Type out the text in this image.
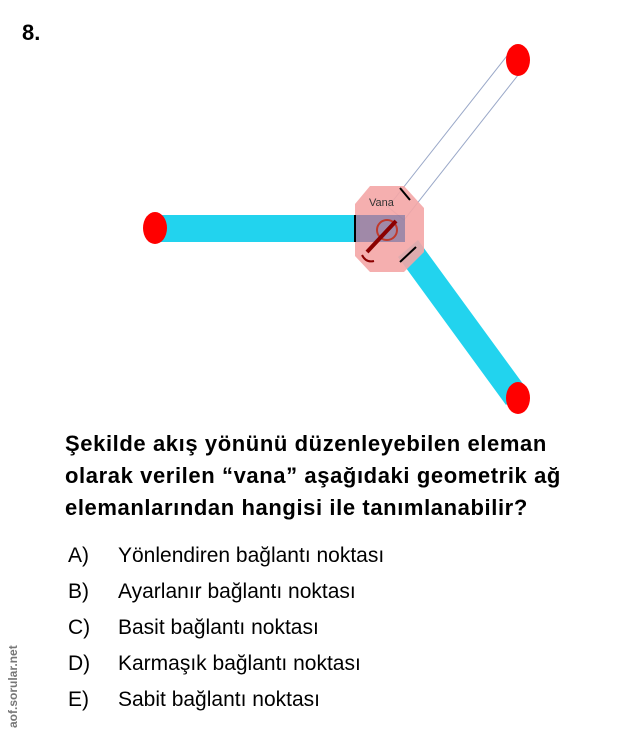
8.
Vana
Şekilde akış yönünü düzenleyebilen eleman
olarak verilen “vana” aşağıdaki geometrik ağ
elemanlarından hangisi ile tanımlanabilir?
A)	Yönlendiren bağlantı noktası
B)	Ayarlanır bağlantı noktası
C)	Basit bağlantı noktası
D)	Karmaşık bağlantı noktası
E)	Sabit bağlantı noktası
aof.sorular.net
